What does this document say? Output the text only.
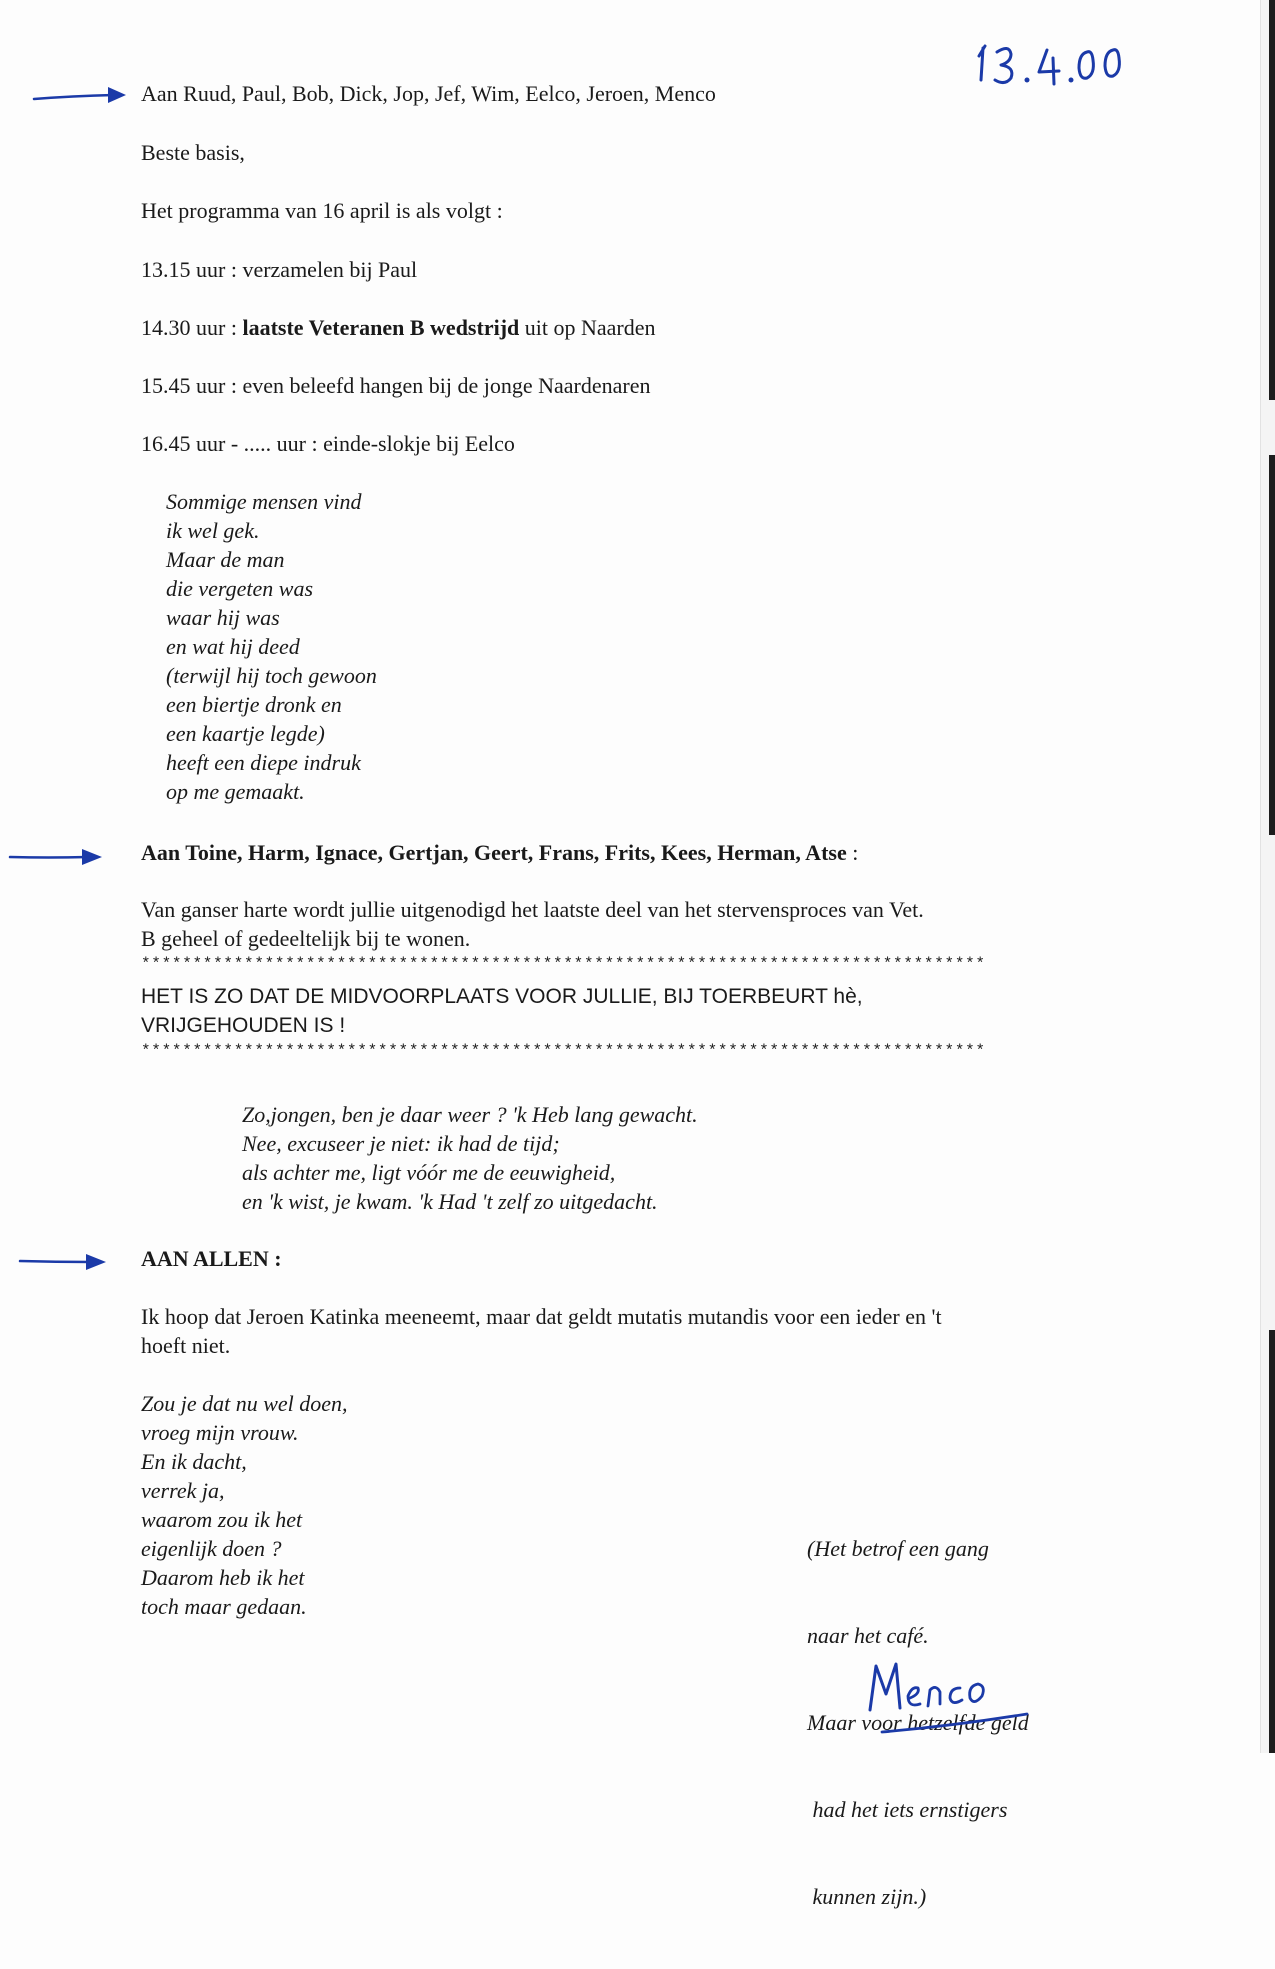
Aan Ruud, Paul, Bob, Dick, Jop, Jef, Wim, Eelco, Jeroen, Menco
Beste basis,
Het programma van 16 april is als volgt :
13.15 uur : verzamelen bij Paul
14.30 uur : laatste Veteranen B wedstrijd uit op Naarden
15.45 uur : even beleefd hangen bij de jonge Naardenaren
16.45 uur - ..... uur : einde-slokje bij Eelco
Sommige mensen vind
ik wel gek.
Maar de man
die vergeten was
waar hij was
en wat hij deed
(terwijl hij toch gewoon
een biertje dronk en
een kaartje legde)
heeft een diepe indruk
op me gemaakt.
Aan Toine, Harm, Ignace, Gertjan, Geert, Frans, Frits, Kees, Herman, Atse :
Van ganser harte wordt jullie uitgenodigd het laatste deel van het stervensproces van Vet.
B geheel of gedeeltelijk bij te wonen.
**********************************************************************************
HET IS ZO DAT DE MIDVOORPLAATS VOOR JULLIE, BIJ TOERBEURT hè,
VRIJGEHOUDEN IS !
**********************************************************************************
Zo,jongen, ben je daar weer ? 'k Heb lang gewacht.
Nee, excuseer je niet: ik had de tijd;
als achter me, ligt vóór me de eeuwigheid,
en 'k wist, je kwam. 'k Had 't zelf zo uitgedacht.
AAN ALLEN :
Ik hoop dat Jeroen Katinka meeneemt, maar dat geldt mutatis mutandis voor een ieder en 't
hoeft niet.
Zou je dat nu wel doen,
vroeg mijn vrouw.
En ik dacht,
verrek ja,
waarom zou ik het
eigenlijk doen ?
Daarom heb ik het
toch maar gedaan.

(Het betrof een gang

naar het café.

Maar voor hetzelfde geld

had het iets ernstigers

kunnen zijn.)
